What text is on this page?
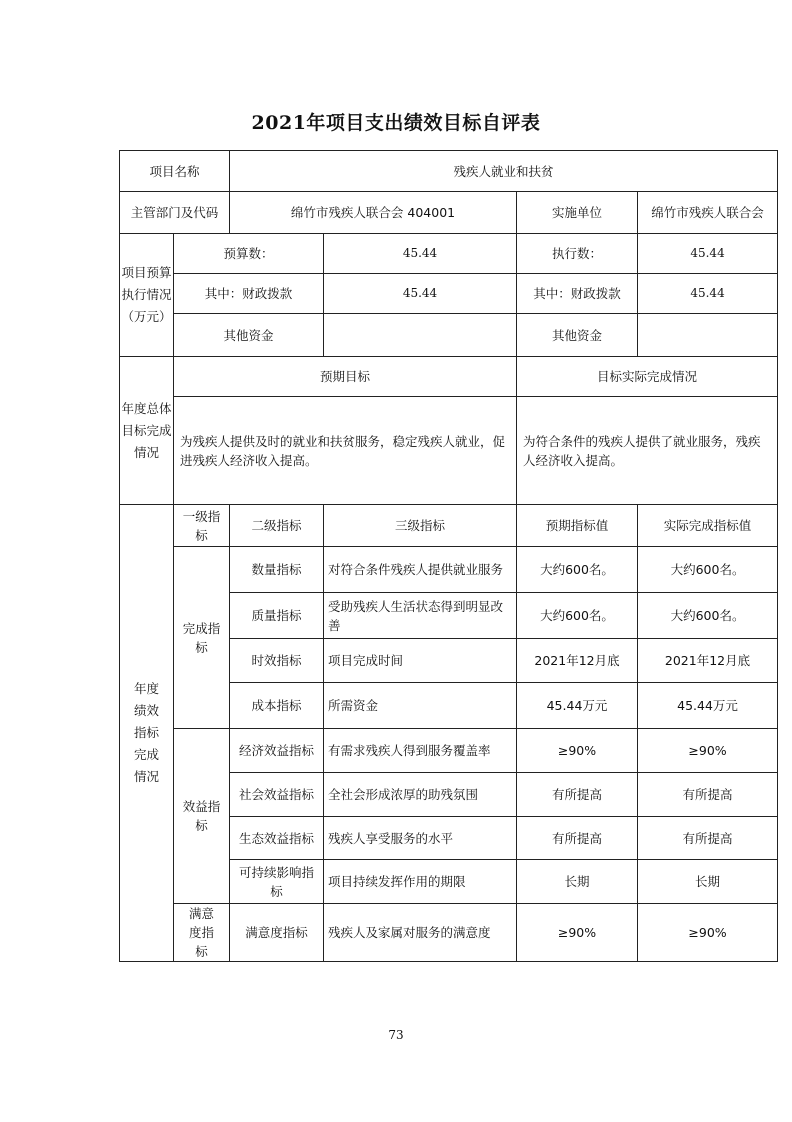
2021年项目支出绩效目标自评表
项目名称		残疾人就业和扶贫			
主管部门及代码		绵竹市残疾人联合会 404001		实施单位	绵竹市残疾人联合会
项目预算执行情况（万元）	预算数：		45.44	执行数：	45.44
	其中：财政拨款		45.44	其中：财政拨款	45.44
	其他资金			其他资金	
年度总体目标完成情况	预期目标			目标实际完成情况	
	为残疾人提供及时的就业和扶贫服务，稳定残疾人就业，促进残疾人经济收入提高。			为符合条件的残疾人提供了就业服务，残疾人经济收入提高。	
年度绩效指标完成情况	一级指标	二级指标	三级指标	预期指标值	实际完成指标值
	完成指标	数量指标	对符合条件残疾人提供就业服务	大约600名。	大约600名。
		质量指标	受助残疾人生活状态得到明显改善	大约600名。	大约600名。
		时效指标	项目完成时间	2021年12月底	2021年12月底
		成本指标	所需资金	45.44万元	45.44万元
	效益指标	经济效益指标	有需求残疾人得到服务覆盖率	≥90%	≥90%
		社会效益指标	全社会形成浓厚的助残氛围	有所提高	有所提高
		生态效益指标	残疾人享受服务的水平	有所提高	有所提高
		可持续影响指标	项目持续发挥作用的期限	长期	长期
	满意度指标	满意度指标	残疾人及家属对服务的满意度	≥90%	≥90%
73
